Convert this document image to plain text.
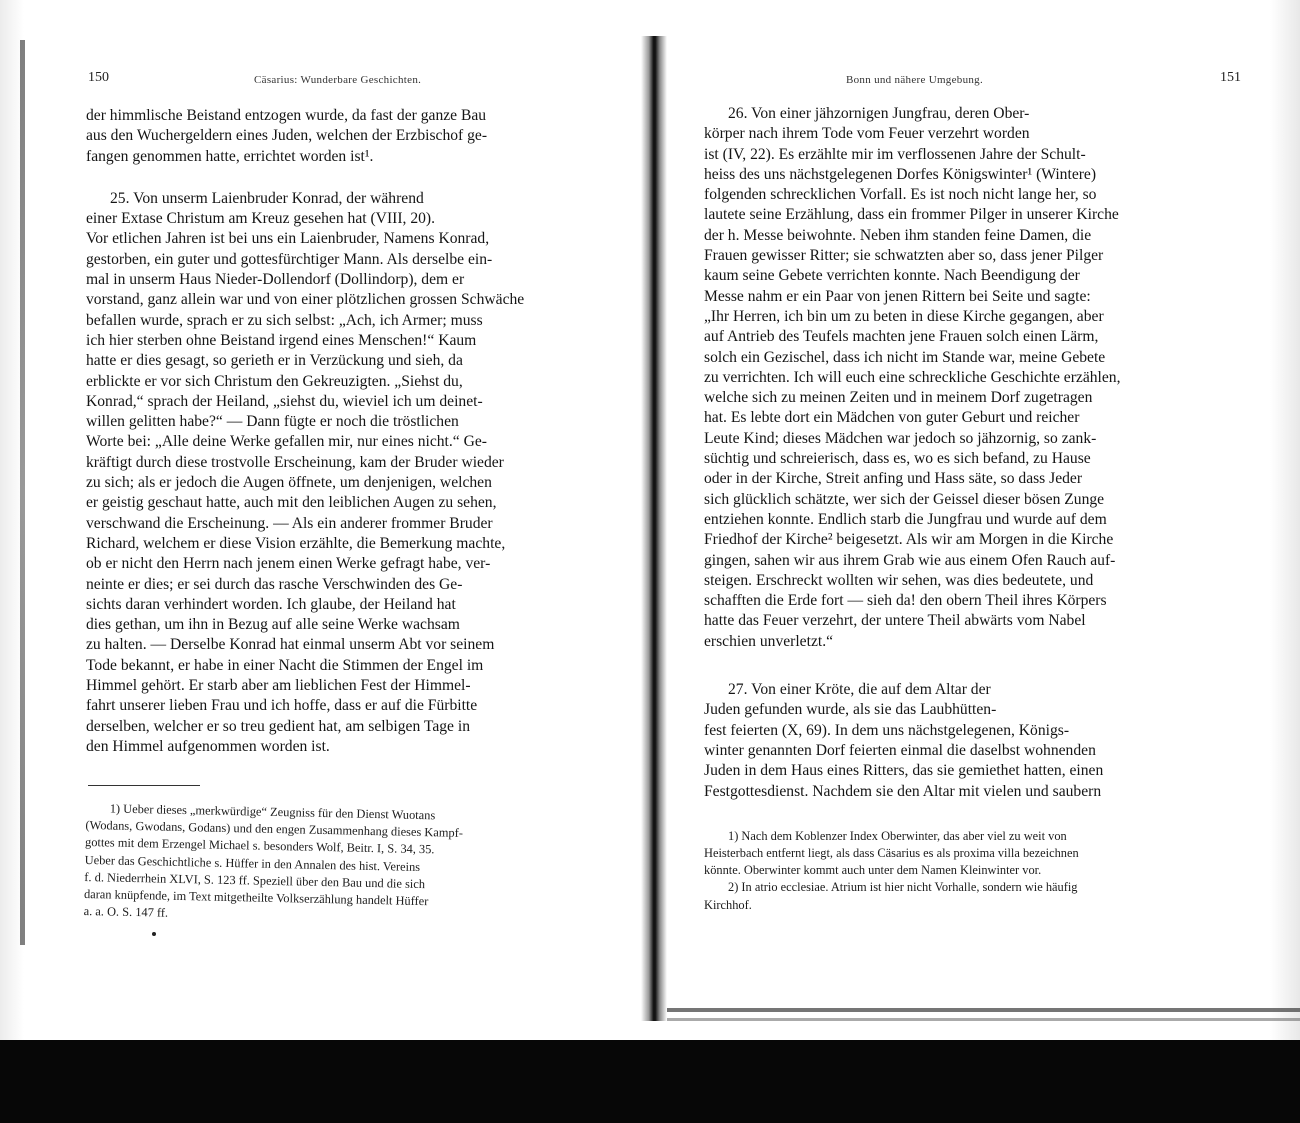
150	Cäsarius: Wunderbare Geschichten.

der himmlische Beistand entzogen wurde, da fast der ganze Bau

aus den Wuchergeldern eines Juden, welchen der Erzbischof ge-

fangen genommen hatte, errichtet worden ist¹.

25. Von unserm Laienbruder Konrad, der während

einer Extase Christum am Kreuz gesehen hat (VIII, 20).

Vor etlichen Jahren ist bei uns ein Laienbruder, Namens Konrad,

gestorben, ein guter und gottesfürchtiger Mann. Als derselbe ein-

mal in unserm Haus Nieder-Dollendorf (Dollindorp), dem er

vorstand, ganz allein war und von einer plötzlichen grossen Schwäche

befallen wurde, sprach er zu sich selbst: „Ach, ich Armer; muss

ich hier sterben ohne Beistand irgend eines Menschen!“ Kaum

hatte er dies gesagt, so gerieth er in Verzückung und sieh, da

erblickte er vor sich Christum den Gekreuzigten. „Siehst du,

Konrad,“ sprach der Heiland, „siehst du, wieviel ich um deinet-

willen gelitten habe?“ — Dann fügte er noch die tröstlichen

Worte bei: „Alle deine Werke gefallen mir, nur eines nicht.“ Ge-

kräftigt durch diese trostvolle Erscheinung, kam der Bruder wieder

zu sich; als er jedoch die Augen öffnete, um denjenigen, welchen

er geistig geschaut hatte, auch mit den leiblichen Augen zu sehen,

verschwand die Erscheinung. — Als ein anderer frommer Bruder

Richard, welchem er diese Vision erzählte, die Bemerkung machte,

ob er nicht den Herrn nach jenem einen Werke gefragt habe, ver-

neinte er dies; er sei durch das rasche Verschwinden des Ge-

sichts daran verhindert worden. Ich glaube, der Heiland hat

dies gethan, um ihn in Bezug auf alle seine Werke wachsam

zu halten. — Derselbe Konrad hat einmal unserm Abt vor seinem

Tode bekannt, er habe in einer Nacht die Stimmen der Engel im

Himmel gehört. Er starb aber am lieblichen Fest der Himmel-

fahrt unserer lieben Frau und ich hoffe, dass er auf die Fürbitte

derselben, welcher er so treu gedient hat, am selbigen Tage in

den Himmel aufgenommen worden ist.

1) Ueber dieses „merkwürdige“ Zeugniss für den Dienst Wuotans

(Wodans, Gwodans, Godans) und den engen Zusammenhang dieses Kampf-

gottes mit dem Erzengel Michael s. besonders Wolf, Beitr. I, S. 34, 35.

Ueber das Geschichtliche s. Hüffer in den Annalen des hist. Vereins

f. d. Niederrhein XLVI, S. 123 ff. Speziell über den Bau und die sich

daran knüpfende, im Text mitgetheilte Volkserzählung handelt Hüffer

a. a. O. S. 147 ff.

Bonn und nähere Umgebung.	151

26. Von einer jähzornigen Jungfrau, deren Ober-

körper nach ihrem Tode vom Feuer verzehrt worden

ist (IV, 22). Es erzählte mir im verflossenen Jahre der Schult-

heiss des uns nächstgelegenen Dorfes Königswinter¹ (Wintere)

folgenden schrecklichen Vorfall. Es ist noch nicht lange her, so

lautete seine Erzählung, dass ein frommer Pilger in unserer Kirche

der h. Messe beiwohnte. Neben ihm standen feine Damen, die

Frauen gewisser Ritter; sie schwatzten aber so, dass jener Pilger

kaum seine Gebete verrichten konnte. Nach Beendigung der

Messe nahm er ein Paar von jenen Rittern bei Seite und sagte:

„Ihr Herren, ich bin um zu beten in diese Kirche gegangen, aber

auf Antrieb des Teufels machten jene Frauen solch einen Lärm,

solch ein Gezischel, dass ich nicht im Stande war, meine Gebete

zu verrichten. Ich will euch eine schreckliche Geschichte erzählen,

welche sich zu meinen Zeiten und in meinem Dorf zugetragen

hat. Es lebte dort ein Mädchen von guter Geburt und reicher

Leute Kind; dieses Mädchen war jedoch so jähzornig, so zank-

süchtig und schreierisch, dass es, wo es sich befand, zu Hause

oder in der Kirche, Streit anfing und Hass säte, so dass Jeder

sich glücklich schätzte, wer sich der Geissel dieser bösen Zunge

entziehen konnte. Endlich starb die Jungfrau und wurde auf dem

Friedhof der Kirche² beigesetzt. Als wir am Morgen in die Kirche

gingen, sahen wir aus ihrem Grab wie aus einem Ofen Rauch auf-

steigen. Erschreckt wollten wir sehen, was dies bedeutete, und

schafften die Erde fort — sieh da! den obern Theil ihres Körpers

hatte das Feuer verzehrt, der untere Theil abwärts vom Nabel

erschien unverletzt.“

27. Von einer Kröte, die auf dem Altar der

Juden gefunden wurde, als sie das Laubhütten-

fest feierten (X, 69). In dem uns nächstgelegenen, Königs-

winter genannten Dorf feierten einmal die daselbst wohnenden

Juden in dem Haus eines Ritters, das sie gemiethet hatten, einen

Festgottesdienst. Nachdem sie den Altar mit vielen und saubern

1) Nach dem Koblenzer Index Oberwinter, das aber viel zu weit von

Heisterbach entfernt liegt, als dass Cäsarius es als proxima villa bezeichnen

könnte. Oberwinter kommt auch unter dem Namen Kleinwinter vor.

2) In atrio ecclesiae. Atrium ist hier nicht Vorhalle, sondern wie häufig

Kirchhof.
